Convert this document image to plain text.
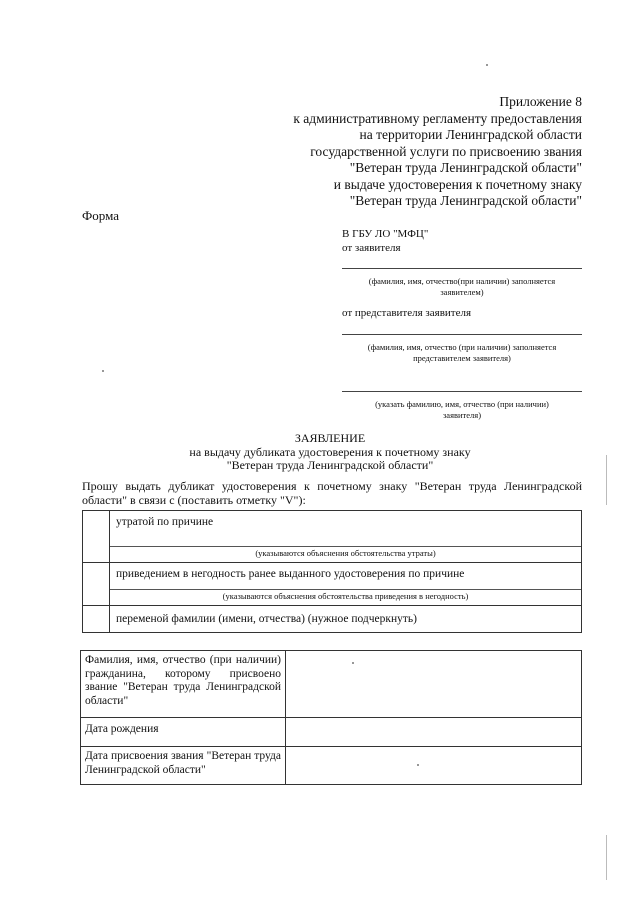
Приложение 8
к административному регламенту предоставления
на территории Ленинградской области
государственной услуги по присвоению звания
"Ветеран труда Ленинградской области"
и выдаче удостоверения к почетному знаку
"Ветеран труда Ленинградской области"
Форма
В ГБУ ЛО "МФЦ"
от заявителя
(фамилия, имя, отчество(при наличии) заполняется
заявителем)
от представителя заявителя
(фамилия, имя, отчество (при наличии) заполняется
представителем заявителя)
(указать фамилию, имя, отчество (при наличии)
заявителя)
ЗАЯВЛЕНИЕ
на выдачу дубликата удостоверения к почетному знаку
"Ветеран труда Ленинградской области"
Прошу выдать дубликат удостоверения к почетному знаку "Ветеран труда Ленинградской области" в связи с (поставить отметку "V"):

	утратой по причине
(указываются объяснения обстоятельства утраты)

	приведением в негодность ранее выданного удостоверения по причине
(указываются объяснения обстоятельства приведения в негодность)

	переменой фамилии (имени, отчества) (нужное подчеркнуть)
Фамилия, имя, отчество (при наличии) гражданина, которому присвоено звание "Ветеран труда Ленинградской области"	
Дата рождения	
Дата присвоения звания "Ветеран труда Ленинградской области"	
